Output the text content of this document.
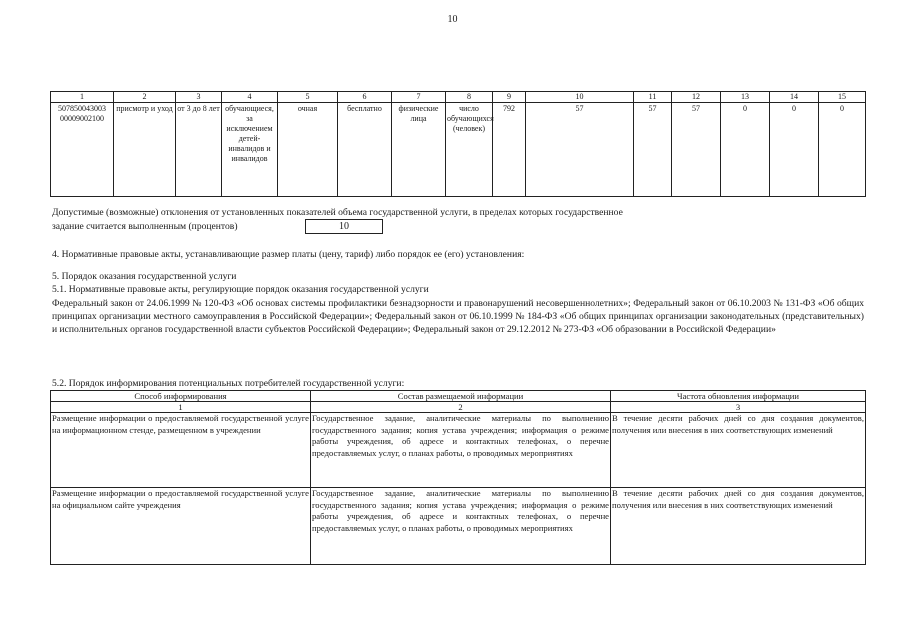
10
1	2	3	4	5	6	7	8	9	10	11	12	13	14	15
507850043003 00009002100	присмотр и уход	от 3 до 8 лет	обучающиеся, за исключением детей-инвалидов и инвалидов	очная	бесплатно	физические лица	число обучающихся (человек)	792	57	57	57	0	0	0
Допустимые (возможные) отклонения от установленных показателей объема государственной услуги, в пределах которых государственное
задание считается выполненным (процентов)	10
4. Нормативные правовые акты, устанавливающие размер платы (цену, тариф) либо порядок ее (его) установления:
5. Порядок оказания государственной услуги
5.1. Нормативные правовые акты, регулирующие порядок оказания государственной услуги
Федеральный закон от 24.06.1999 № 120-ФЗ «Об основах системы профилактики безнадзорности и правонарушений несовершеннолетних»; Федеральный закон от 06.10.2003 № 131-ФЗ «Об общих принципах организации местного самоуправления в Российской Федерации»; Федеральный закон от 06.10.1999 № 184-ФЗ «Об общих принципах организации законодательных (представительных) и исполнительных органов государственной власти субъектов Российской Федерации»; Федеральный закон от 29.12.2012 № 273-ФЗ «Об образовании в Российской Федерации»
5.2. Порядок информирования потенциальных потребителей государственной услуги:
Способ информирования	Состав размещаемой информации	Частота обновления информации
1	2	3
Размещение информации о предоставляемой государственной услуге на информационном стенде, размещенном в учреждении	Государственное задание, аналитические материалы по выполнению государственного задания; копия устава учреждения; информация о режиме работы учреждения, об адресе и контактных телефонах, о перечне предоставляемых услуг, о планах работы, о проводимых мероприятиях	В течение десяти рабочих дней со дня создания документов, получения или внесения в них соответствующих изменений
Размещение информации о предоставляемой государственной услуге на официальном сайте учреждения	Государственное задание, аналитические материалы по выполнению государственного задания; копия устава учреждения; информация о режиме работы учреждения, об адресе и контактных телефонах, о перечне предоставляемых услуг, о планах работы, о проводимых мероприятиях	В течение десяти рабочих дней со дня создания документов, получения или внесения в них соответствующих изменений
